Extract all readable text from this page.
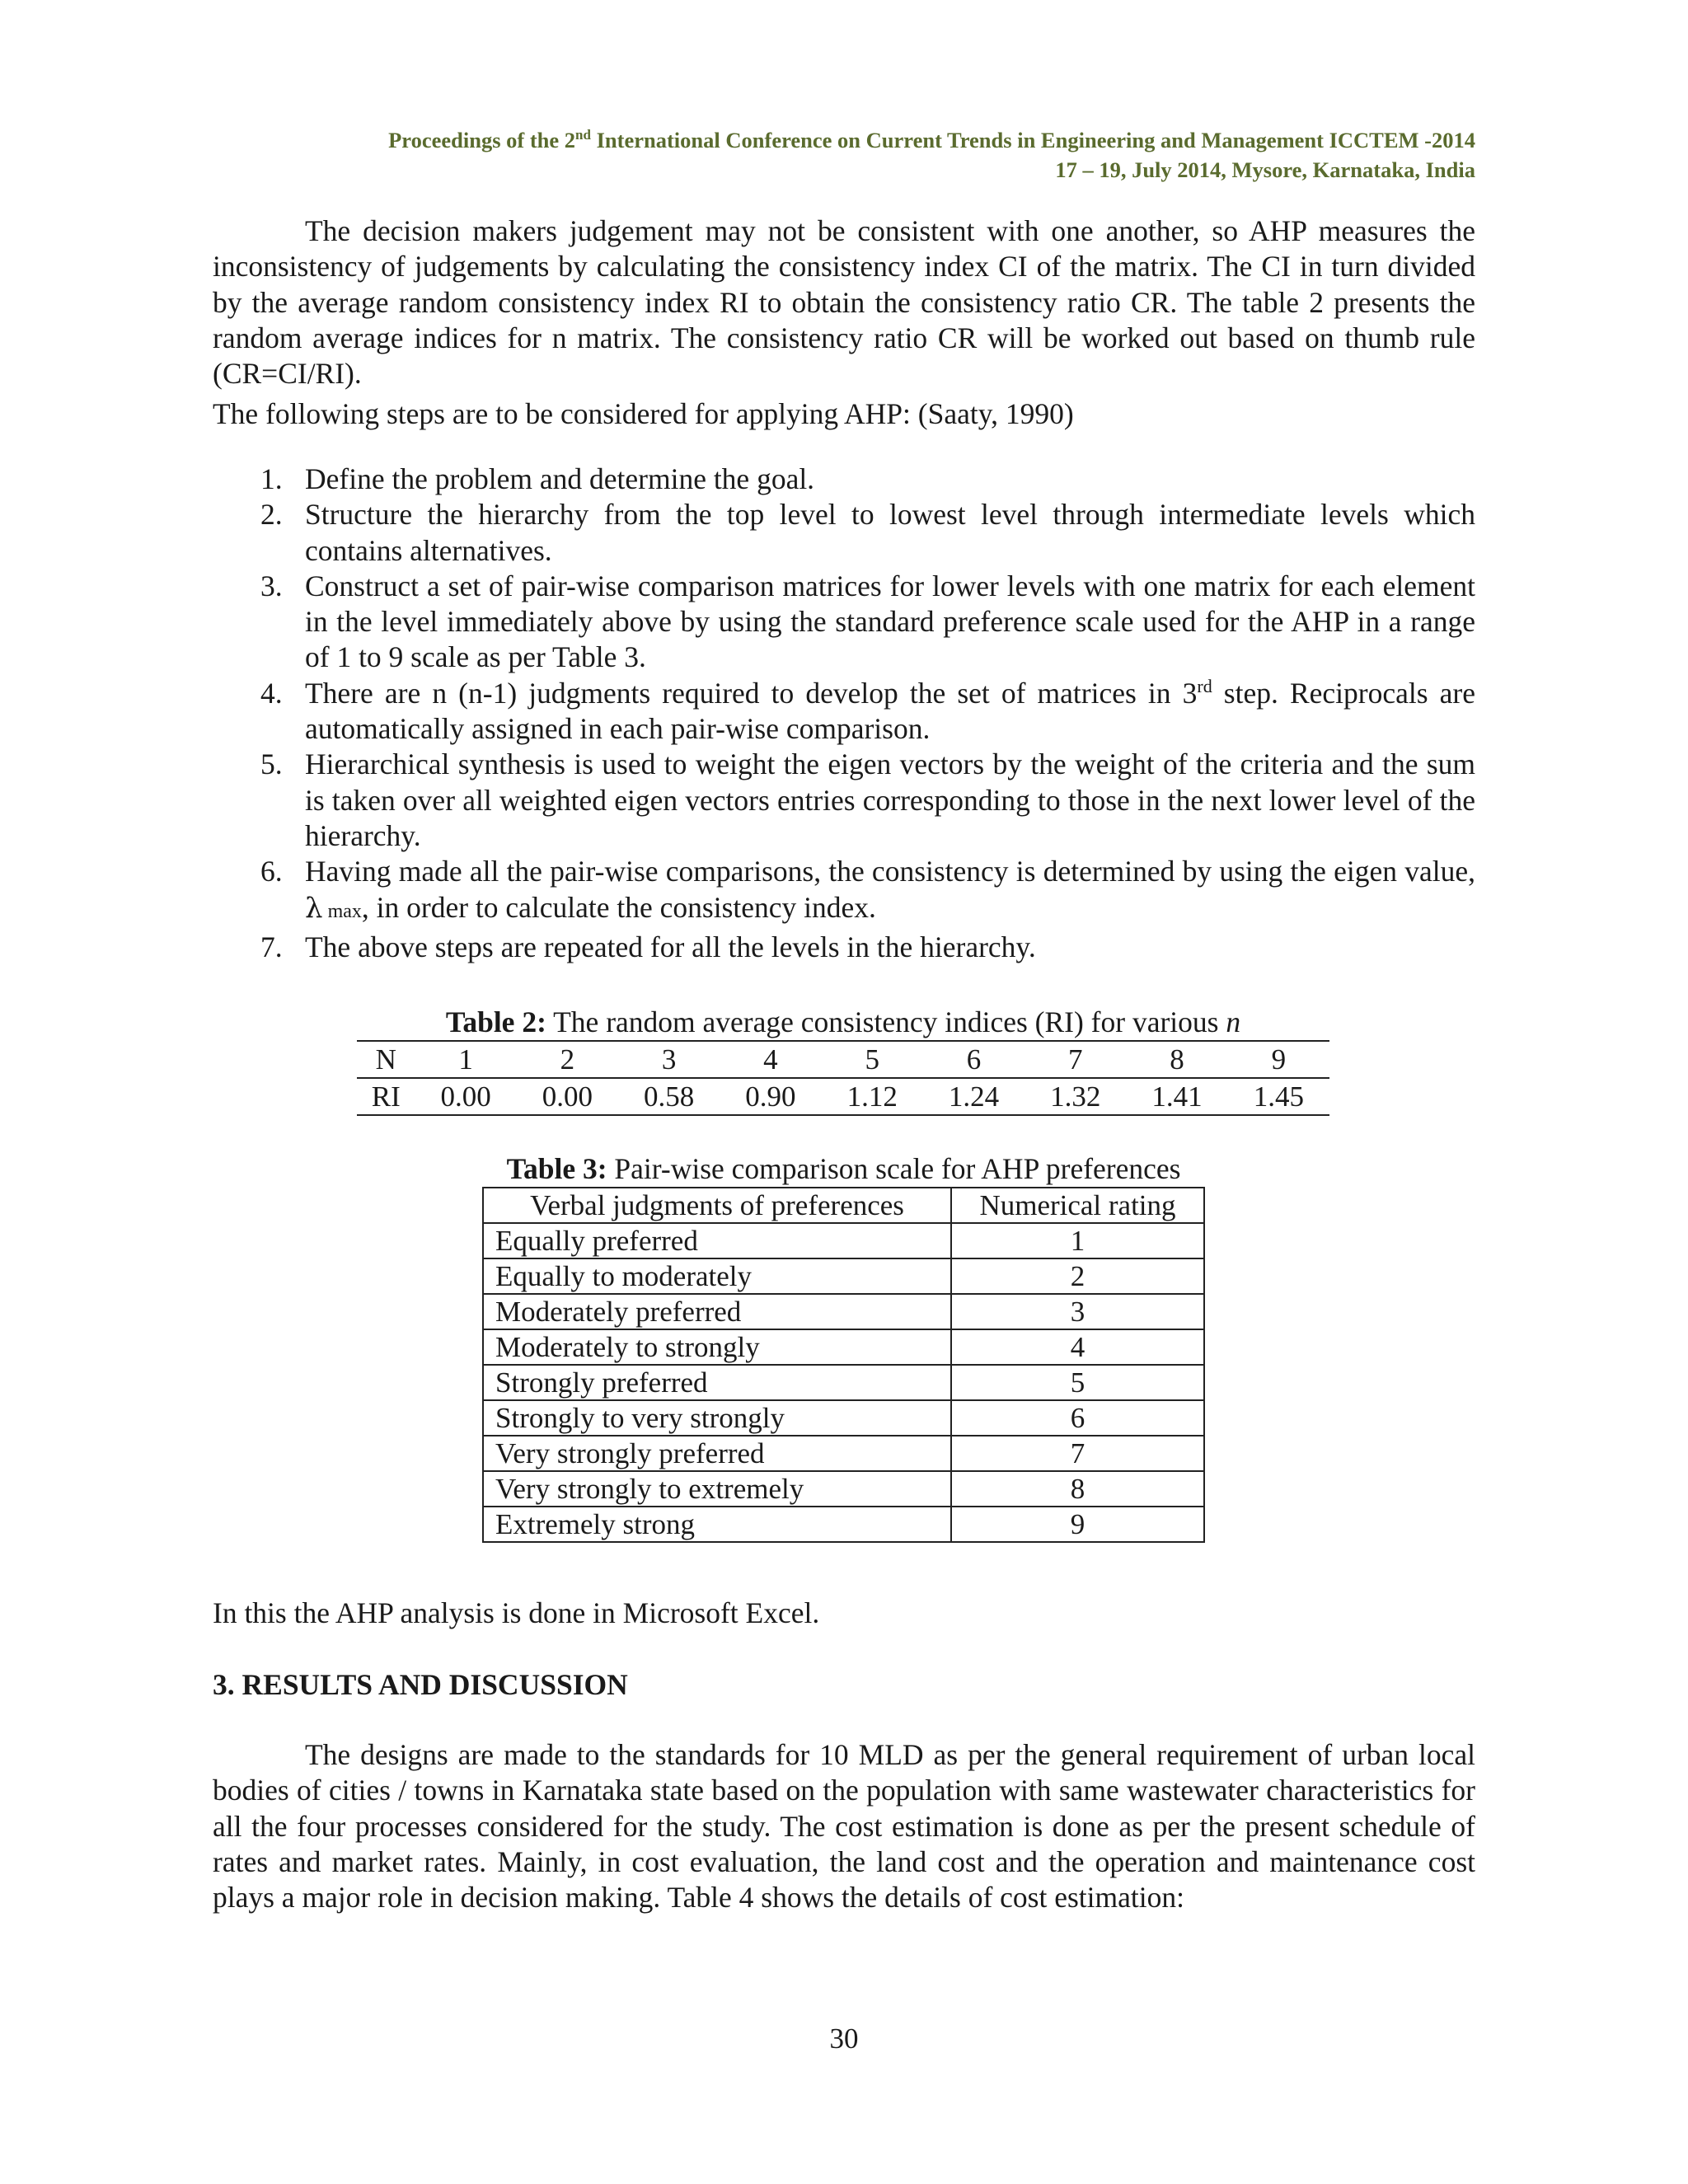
Proceedings of the 2nd International Conference on Current Trends in Engineering and Management ICCTEM -2014
17 – 19, July 2014, Mysore, Karnataka, India
The decision makers judgement may not be consistent with one another, so AHP measures the inconsistency of judgements by calculating the consistency index CI of the matrix. The CI in turn divided by the average random consistency index RI to obtain the consistency ratio CR. The table 2 presents the random average indices for n matrix. The consistency ratio CR will be worked out based on thumb rule (CR=CI/RI).
The following steps are to be considered for applying AHP: (Saaty, 1990)
1. Define the problem and determine the goal.
2. Structure the hierarchy from the top level to lowest level through intermediate levels which contains alternatives.
3. Construct a set of pair-wise comparison matrices for lower levels with one matrix for each element in the level immediately above by using the standard preference scale used for the AHP in a range of 1 to 9 scale as per Table 3.
4. There are n (n-1) judgments required to develop the set of matrices in 3rd step. Reciprocals are automatically assigned in each pair-wise comparison.
5. Hierarchical synthesis is used to weight the eigen vectors by the weight of the criteria and the sum is taken over all weighted eigen vectors entries corresponding to those in the next lower level of the hierarchy.
6. Having made all the pair-wise comparisons, the consistency is determined by using the eigen value, λ max, in order to calculate the consistency index.
7. The above steps are repeated for all the levels in the hierarchy.
Table 2: The random average consistency indices (RI) for various n
N	1	2	3	4	5	6	7	8	9
RI	0.00	0.00	0.58	0.90	1.12	1.24	1.32	1.41	1.45
Table 3: Pair-wise comparison scale for AHP preferences
Verbal judgments of preferences	Numerical rating
Equally preferred	1
Equally to moderately	2
Moderately preferred	3
Moderately to strongly	4
Strongly preferred	5
Strongly to very strongly	6
Very strongly preferred	7
Very strongly to extremely	8
Extremely strong	9
In this the AHP analysis is done in Microsoft Excel.
3. RESULTS AND DISCUSSION
The designs are made to the standards for 10 MLD as per the general requirement of urban local bodies of cities / towns in Karnataka state based on the population with same wastewater characteristics for all the four processes considered for the study. The cost estimation is done as per the present schedule of rates and market rates. Mainly, in cost evaluation, the land cost and the operation and maintenance cost plays a major role in decision making. Table 4 shows the details of cost estimation:
30
